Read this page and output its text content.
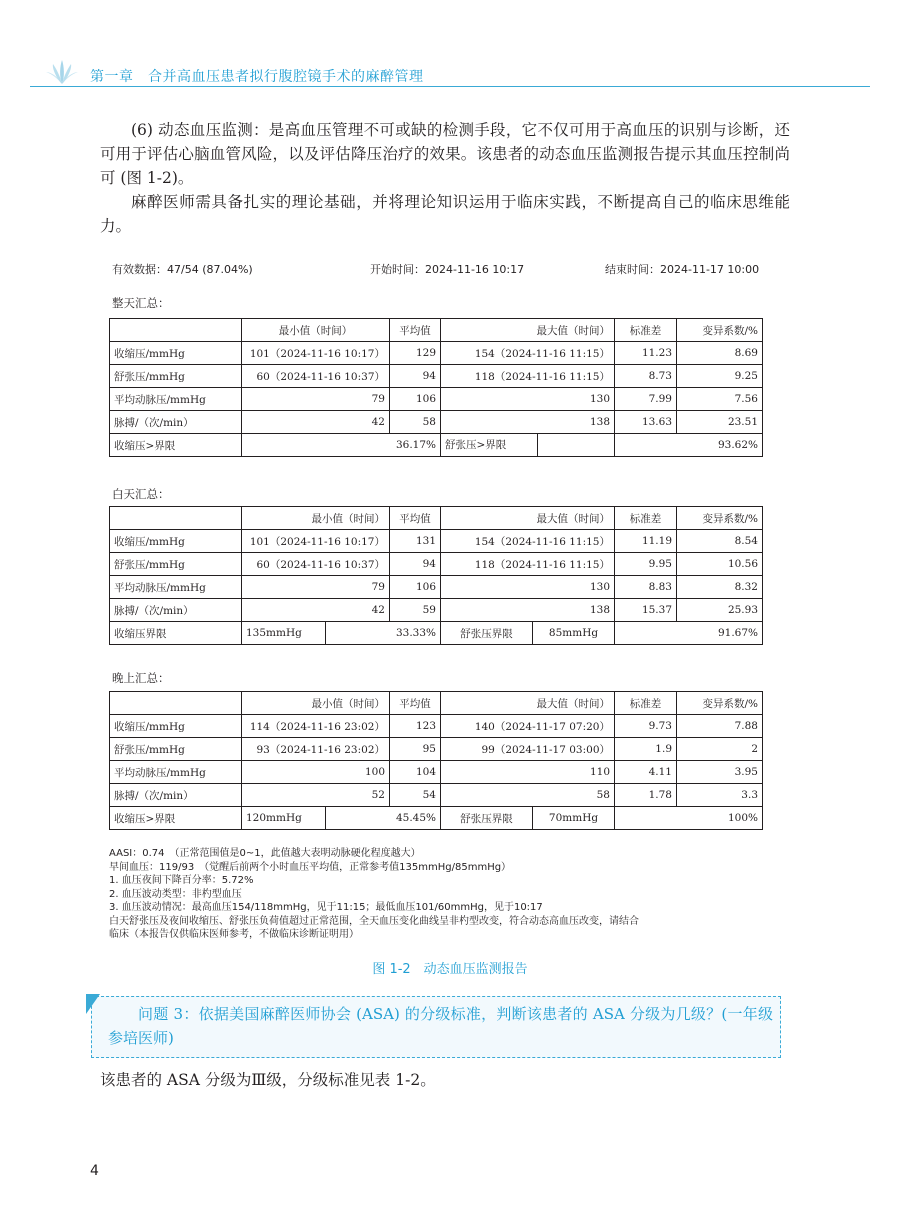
第一章　合并高血压患者拟行腹腔镜手术的麻醉管理
(6) 动态血压监测：是高血压管理不可或缺的检测手段，它不仅可用于高血压的识别与诊断，还可用于评估心脑血管风险，以及评估降压治疗的效果。该患者的动态血压监测报告提示其血压控制尚可 (图 1-2)。
麻醉医师需具备扎实的理论基础，并将理论知识运用于临床实践，不断提高自己的临床思维能力。
有效数据：47/54 (87.04%)	开始时间：2024-11-16 10:17	结束时间：2024-11-17 10:00
整天汇总：
	最小值（时间）	平均值	最大值（时间）	标准差	变异系数/%
收缩压/mmHg	101（2024-11-16 10:17）	129	154（2024-11-16 11:15）	11.23	8.69
舒张压/mmHg	60（2024-11-16 10:37）	94	118（2024-11-16 11:15）	8.73	9.25
平均动脉压/mmHg	79	106	130	7.99	7.56
脉搏/（次/min）	42	58	138	13.63	23.51
收缩压>界限	36.17%		舒张压>界限	93.62%	
白天汇总：
	最小值（时间）		平均值	最大值（时间）		标准差	变异系数/%
收缩压/mmHg	101（2024-11-16 10:17）		131	154（2024-11-16 11:15）		11.19	8.54
舒张压/mmHg	60（2024-11-16 10:37）		94	118（2024-11-16 11:15）		9.95	10.56
平均动脉压/mmHg	79		106	130		8.83	8.32
脉搏/（次/min）	42		59	138		15.37	25.93
收缩压界限	135mmHg	33.33%		舒张压界限	85mmHg	91.67%	
晚上汇总：
	最小值（时间）		平均值	最大值（时间）		标准差	变异系数/%
收缩压/mmHg	114（2024-11-16 23:02）		123	140（2024-11-17 07:20）		9.73	7.88
舒张压/mmHg	93（2024-11-16 23:02）		95	99（2024-11-17 03:00）		1.9	2
平均动脉压/mmHg	100		104	110		4.11	3.95
脉搏/（次/min）	52		54	58		1.78	3.3
收缩压>界限	120mmHg	45.45%		舒张压界限	70mmHg	100%	
AASI：0.74　（正常范围值是0~1，此值越大表明动脉硬化程度越大）
早间血压：119/93　（觉醒后前两个小时血压平均值，正常参考值135mmHg/85mmHg）
1. 血压夜间下降百分率：5.72%
2. 血压波动类型：非杓型血压
3. 血压波动情况：最高血压154/118mmHg，见于11:15；最低血压101/60mmHg，见于10:17
白天舒张压及夜间收缩压、舒张压负荷值超过正常范围，全天血压变化曲线呈非杓型改变，符合动态高血压改变，请结合
临床（本报告仅供临床医师参考，不做临床诊断证明用）
图 1-2　动态血压监测报告
问题 3：依据美国麻醉医师协会 (ASA) 的分级标准，判断该患者的 ASA 分级为几级？(一年级参培医师)
该患者的 ASA 分级为Ⅲ级，分级标准见表 1-2。
4
